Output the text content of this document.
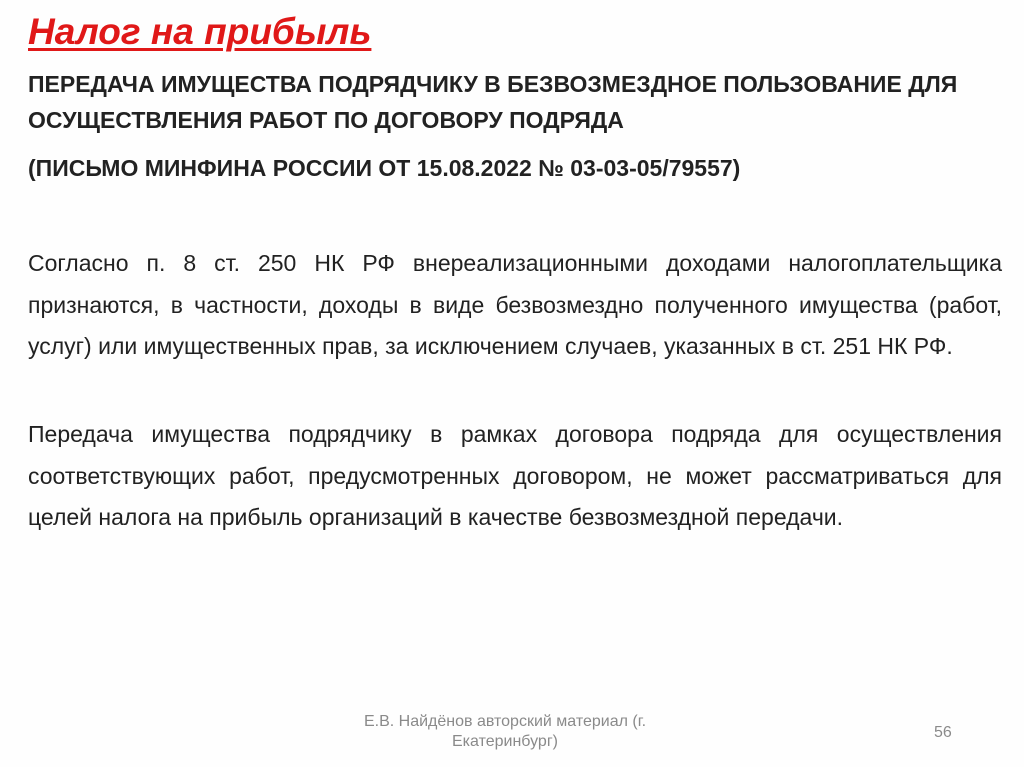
Налог на прибыль

ПЕРЕДАЧА ИМУЩЕСТВА ПОДРЯДЧИКУ В БЕЗВОЗМЕЗДНОЕ ПОЛЬЗОВАНИЕ ДЛЯ ОСУЩЕСТВЛЕНИЯ РАБОТ ПО ДОГОВОРУ ПОДРЯДА

(ПИСЬМО МИНФИНА РОССИИ ОТ 15.08.2022 № 03-03-05/79557)

Согласно п. 8 ст. 250 НК РФ внереализационными доходами налогоплательщика признаются, в частности, доходы в виде безвозмездно полученного имущества (работ, услуг) или имущественных прав, за исключением случаев, указанных в ст. 251 НК РФ.

Передача имущества подрядчику в рамках договора подряда для осуществления соответствующих работ, предусмотренных договором, не может рассматриваться для целей налога на прибыль организаций в качестве безвозмездной передачи.

Е.В. Найдёнов авторский материал (г. Екатеринбург)

56
